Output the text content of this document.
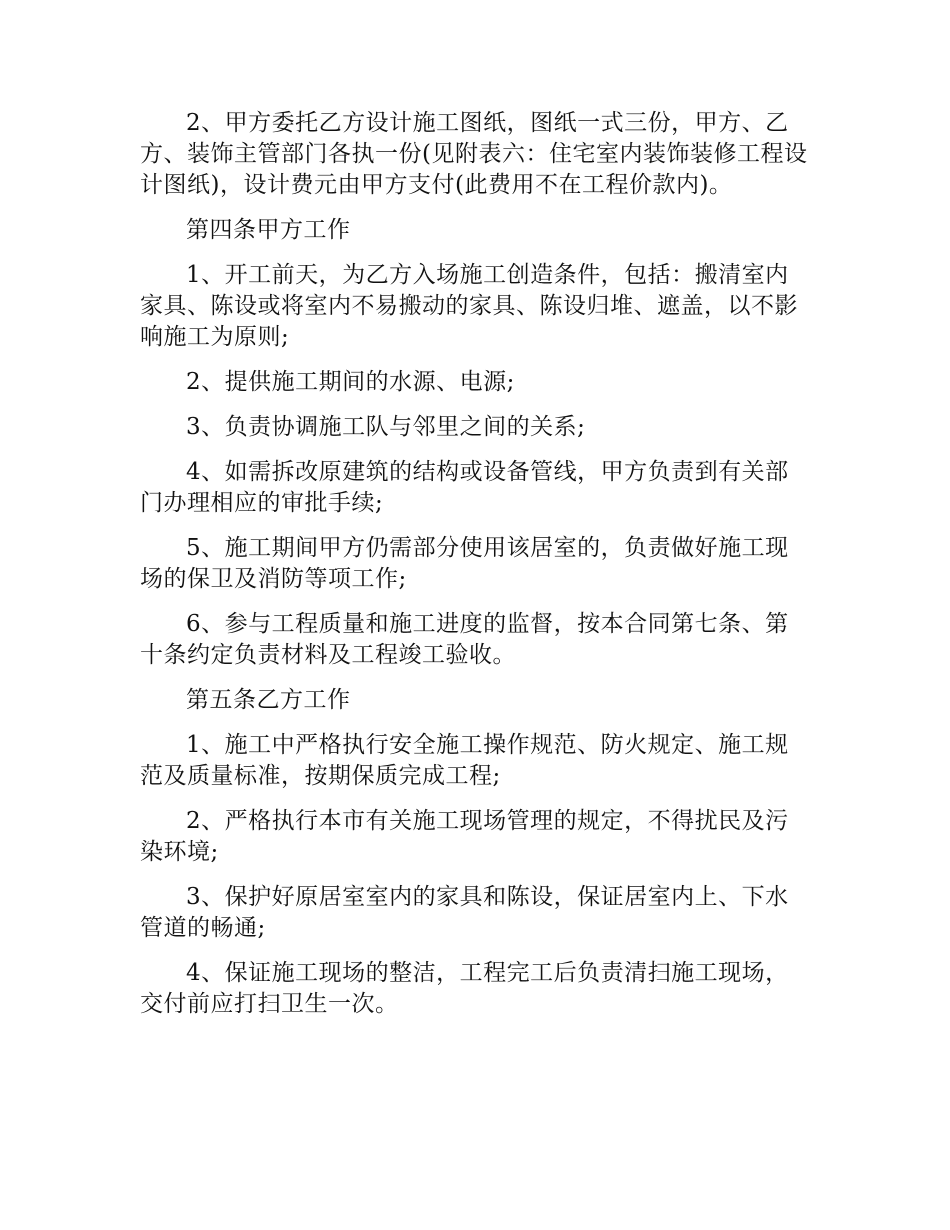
2、甲方委托乙方设计施工图纸，图纸一式三份，甲方、乙方、装饰主管部门各执一份(见附表六：住宅室内装饰装修工程设计图纸)，设计费元由甲方支付(此费用不在工程价款内)。

第四条甲方工作

1、开工前天，为乙方入场施工创造条件，包括：搬清室内家具、陈设或将室内不易搬动的家具、陈设归堆、遮盖，以不影响施工为原则;

2、提供施工期间的水源、电源;

3、负责协调施工队与邻里之间的关系;

4、如需拆改原建筑的结构或设备管线，甲方负责到有关部门办理相应的审批手续;

5、施工期间甲方仍需部分使用该居室的，负责做好施工现场的保卫及消防等项工作;

6、参与工程质量和施工进度的监督，按本合同第七条、第十条约定负责材料及工程竣工验收。

第五条乙方工作

1、施工中严格执行安全施工操作规范、防火规定、施工规范及质量标准，按期保质完成工程;

2、严格执行本市有关施工现场管理的规定，不得扰民及污染环境;

3、保护好原居室室内的家具和陈设，保证居室内上、下水管道的畅通;

4、保证施工现场的整洁，工程完工后负责清扫施工现场，交付前应打扫卫生一次。
